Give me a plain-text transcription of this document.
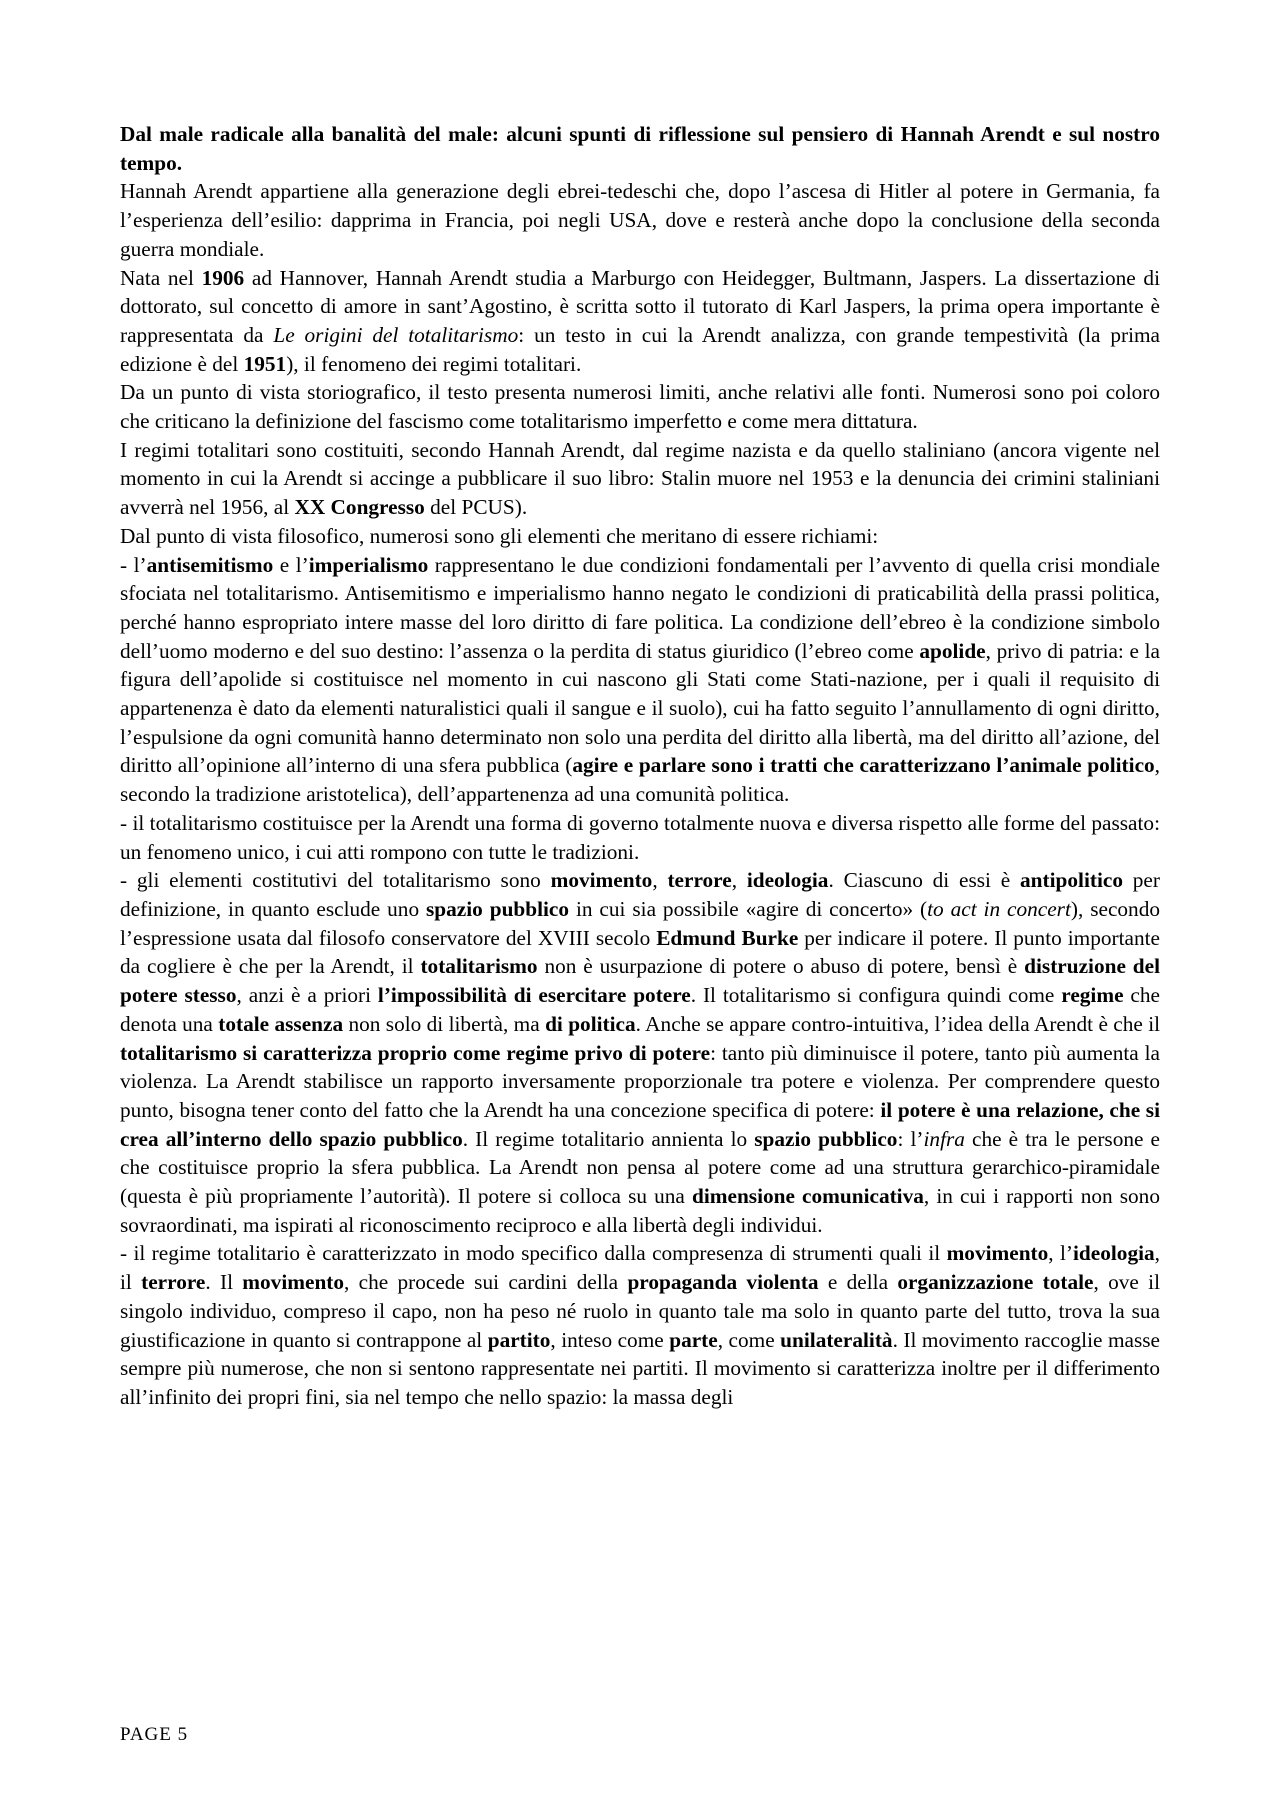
Dal male radicale alla banalità del male: alcuni spunti di riflessione sul pensiero di Hannah Arendt e sul nostro tempo.

Hannah Arendt appartiene alla generazione degli ebrei-tedeschi che, dopo l’ascesa di Hitler al potere in Germania, fa l’esperienza dell’esilio: dapprima in Francia, poi negli USA, dove e resterà anche dopo la conclusione della seconda guerra mondiale.

Nata nel 1906 ad Hannover, Hannah Arendt studia a Marburgo con Heidegger, Bultmann, Jaspers. La dissertazione di dottorato, sul concetto di amore in sant’Agostino, è scritta sotto il tutorato di Karl Jaspers, la prima opera importante è rappresentata da Le origini del totalitarismo: un testo in cui la Arendt analizza, con grande tempestività (la prima edizione è del 1951), il fenomeno dei regimi totalitari.

Da un punto di vista storiografico, il testo presenta numerosi limiti, anche relativi alle fonti. Numerosi sono poi coloro che criticano la definizione del fascismo come totalitarismo imperfetto e come mera dittatura.

I regimi totalitari sono costituiti, secondo Hannah Arendt, dal regime nazista e da quello staliniano (ancora vigente nel momento in cui la Arendt si accinge a pubblicare il suo libro: Stalin muore nel 1953 e la denuncia dei crimini staliniani avverrà nel 1956, al XX Congresso del PCUS).

Dal punto di vista filosofico, numerosi sono gli elementi che meritano di essere richiami:

- l’antisemitismo e l’imperialismo rappresentano le due condizioni fondamentali per l’avvento di quella crisi mondiale sfociata nel totalitarismo. Antisemitismo e imperialismo hanno negato le condizioni di praticabilità della prassi politica, perché hanno espropriato intere masse del loro diritto di fare politica. La condizione dell’ebreo è la condizione simbolo dell’uomo moderno e del suo destino: l’assenza o la perdita di status giuridico (l’ebreo come apolide, privo di patria: e la figura dell’apolide si costituisce nel momento in cui nascono gli Stati come Stati-nazione, per i quali il requisito di appartenenza è dato da elementi naturalistici quali il sangue e il suolo), cui ha fatto seguito l’annullamento di ogni diritto, l’espulsione da ogni comunità hanno determinato non solo una perdita del diritto alla libertà, ma del diritto all’azione, del diritto all’opinione all’interno di una sfera pubblica (agire e parlare sono i tratti che caratterizzano l’animale politico, secondo la tradizione aristotelica), dell’appartenenza ad una comunità politica.

- il totalitarismo costituisce per la Arendt una forma di governo totalmente nuova e diversa rispetto alle forme del passato: un fenomeno unico, i cui atti rompono con tutte le tradizioni.

- gli elementi costitutivi del totalitarismo sono movimento, terrore, ideologia. Ciascuno di essi è antipolitico per definizione, in quanto esclude uno spazio pubblico in cui sia possibile «agire di concerto» (to act in concert), secondo l’espressione usata dal filosofo conservatore del XVIII secolo Edmund Burke per indicare il potere. Il punto importante da cogliere è che per la Arendt, il totalitarismo non è usurpazione di potere o abuso di potere, bensì è distruzione del potere stesso, anzi è a priori l’impossibilità di esercitare potere. Il totalitarismo si configura quindi come regime che denota una totale assenza non solo di libertà, ma di politica. Anche se appare contro-intuitiva, l’idea della Arendt è che il totalitarismo si caratterizza proprio come regime privo di potere: tanto più diminuisce il potere, tanto più aumenta la violenza. La Arendt stabilisce un rapporto inversamente proporzionale tra potere e violenza. Per comprendere questo punto, bisogna tener conto del fatto che la Arendt ha una concezione specifica di potere: il potere è una relazione, che si crea all’interno dello spazio pubblico. Il regime totalitario annienta lo spazio pubblico: l’infra che è tra le persone e che costituisce proprio la sfera pubblica. La Arendt non pensa al potere come ad una struttura gerarchico-piramidale (questa è più propriamente l’autorità). Il potere si colloca su una dimensione comunicativa, in cui i rapporti non sono sovraordinati, ma ispirati al riconoscimento reciproco e alla libertà degli individui.

- il regime totalitario è caratterizzato in modo specifico dalla compresenza di strumenti quali il movimento, l’ideologia, il terrore. Il movimento, che procede sui cardini della propaganda violenta e della organizzazione totale, ove il singolo individuo, compreso il capo, non ha peso né ruolo in quanto tale ma solo in quanto parte del tutto, trova la sua giustificazione in quanto si contrappone al partito, inteso come parte, come unilateralità. Il movimento raccoglie masse sempre più numerose, che non si sentono rappresentate nei partiti. Il movimento si caratterizza inoltre per il differimento all’infinito dei propri fini, sia nel tempo che nello spazio: la massa degli

PAGE 5
